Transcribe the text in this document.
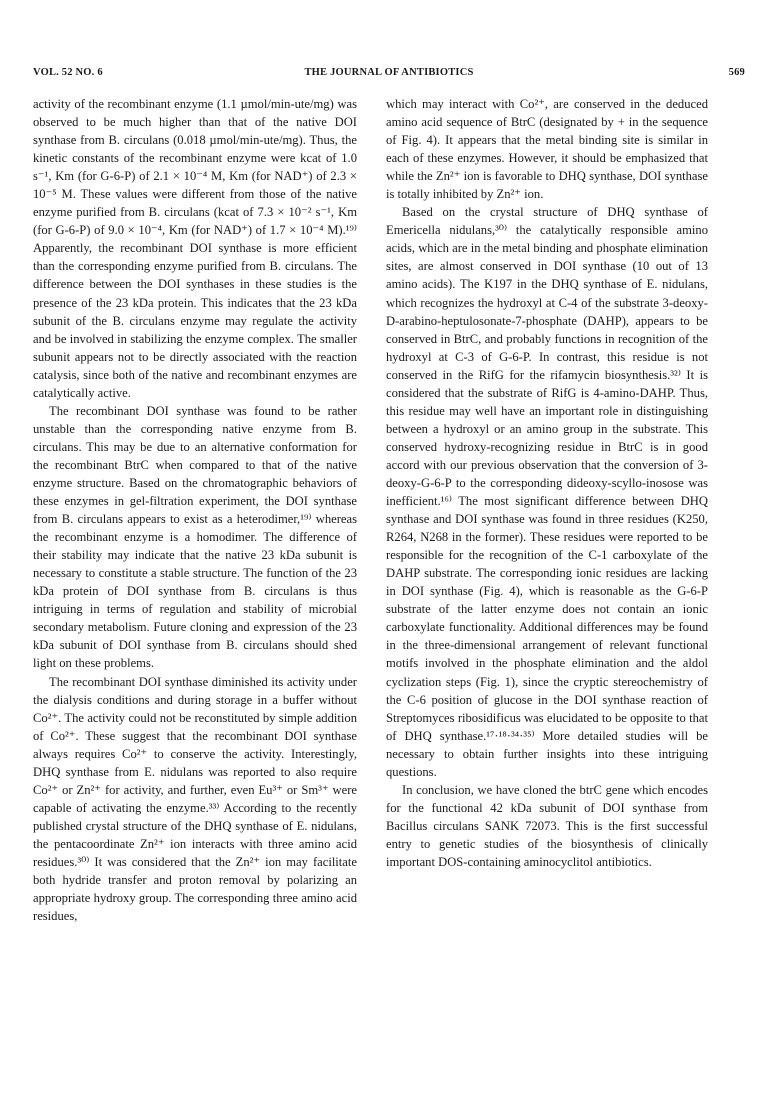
VOL. 52 NO. 6	THE JOURNAL OF ANTIBIOTICS	569

activity of the recombinant enzyme (1.1 µmol/min-ute/mg) was observed to be much higher than that of the native DOI synthase from B. circulans (0.018 µmol/min-ute/mg). Thus, the kinetic constants of the recombinant enzyme were kcat of 1.0 s⁻¹, Km (for G-6-P) of 2.1 × 10⁻⁴ M, Km (for NAD⁺) of 2.3 × 10⁻⁵ M. These values were different from those of the native enzyme purified from B. circulans (kcat of 7.3 × 10⁻² s⁻¹, Km (for G-6-P) of 9.0 × 10⁻⁴, Km (for NAD⁺) of 1.7 × 10⁻⁴ M).¹⁹⁾ Apparently, the recombinant DOI synthase is more efficient than the corresponding enzyme purified from B. circulans. The difference between the DOI synthases in these studies is the presence of the 23 kDa protein. This indicates that the 23 kDa subunit of the B. circulans enzyme may regulate the activity and be involved in stabilizing the enzyme complex. The smaller subunit appears not to be directly associated with the reaction catalysis, since both of the native and recombinant enzymes are catalytically active.

The recombinant DOI synthase was found to be rather unstable than the corresponding native enzyme from B. circulans. This may be due to an alternative conformation for the recombinant BtrC when compared to that of the native enzyme structure. Based on the chromatographic behaviors of these enzymes in gel-filtration experiment, the DOI synthase from B. circulans appears to exist as a heterodimer,¹⁹⁾ whereas the recombinant enzyme is a homodimer. The difference of their stability may indicate that the native 23 kDa subunit is necessary to constitute a stable structure. The function of the 23 kDa protein of DOI synthase from B. circulans is thus intriguing in terms of regulation and stability of microbial secondary metabolism. Future cloning and expression of the 23 kDa subunit of DOI synthase from B. circulans should shed light on these problems.

The recombinant DOI synthase diminished its activity under the dialysis conditions and during storage in a buffer without Co²⁺. The activity could not be reconstituted by simple addition of Co²⁺. These suggest that the recombinant DOI synthase always requires Co²⁺ to conserve the activity. Interestingly, DHQ synthase from E. nidulans was reported to also require Co²⁺ or Zn²⁺ for activity, and further, even Eu³⁺ or Sm³⁺ were capable of activating the enzyme.³³⁾ According to the recently published crystal structure of the DHQ synthase of E. nidulans, the pentacoordinate Zn²⁺ ion interacts with three amino acid residues.³⁰⁾ It was considered that the Zn²⁺ ion may facilitate both hydride transfer and proton removal by polarizing an appropriate hydroxy group. The corresponding three amino acid residues,

which may interact with Co²⁺, are conserved in the deduced amino acid sequence of BtrC (designated by + in the sequence of Fig. 4). It appears that the metal binding site is similar in each of these enzymes. However, it should be emphasized that while the Zn²⁺ ion is favorable to DHQ synthase, DOI synthase is totally inhibited by Zn²⁺ ion.

Based on the crystal structure of DHQ synthase of Emericella nidulans,³⁰⁾ the catalytically responsible amino acids, which are in the metal binding and phosphate elimination sites, are almost conserved in DOI synthase (10 out of 13 amino acids). The K197 in the DHQ synthase of E. nidulans, which recognizes the hydroxyl at C-4 of the substrate 3-deoxy-D-arabino-heptulosonate-7-phosphate (DAHP), appears to be conserved in BtrC, and probably functions in recognition of the hydroxyl at C-3 of G-6-P. In contrast, this residue is not conserved in the RifG for the rifamycin biosynthesis.³²⁾ It is considered that the substrate of RifG is 4-amino-DAHP. Thus, this residue may well have an important role in distinguishing between a hydroxyl or an amino group in the substrate. This conserved hydroxy-recognizing residue in BtrC is in good accord with our previous observation that the conversion of 3-deoxy-G-6-P to the corresponding dideoxy-scyllo-inosose was inefficient.¹⁶⁾ The most significant difference between DHQ synthase and DOI synthase was found in three residues (K250, R264, N268 in the former). These residues were reported to be responsible for the recognition of the C-1 carboxylate of the DAHP substrate. The corresponding ionic residues are lacking in DOI synthase (Fig. 4), which is reasonable as the G-6-P substrate of the latter enzyme does not contain an ionic carboxylate functionality. Additional differences may be found in the three-dimensional arrangement of relevant functional motifs involved in the phosphate elimination and the aldol cyclization steps (Fig. 1), since the cryptic stereochemistry of the C-6 position of glucose in the DOI synthase reaction of Streptomyces ribosidificus was elucidated to be opposite to that of DHQ synthase.¹⁷·¹⁸·³⁴·³⁵⁾ More detailed studies will be necessary to obtain further insights into these intriguing questions.

In conclusion, we have cloned the btrC gene which encodes for the functional 42 kDa subunit of DOI synthase from Bacillus circulans SANK 72073. This is the first successful entry to genetic studies of the biosynthesis of clinically important DOS-containing aminocyclitol antibiotics.
